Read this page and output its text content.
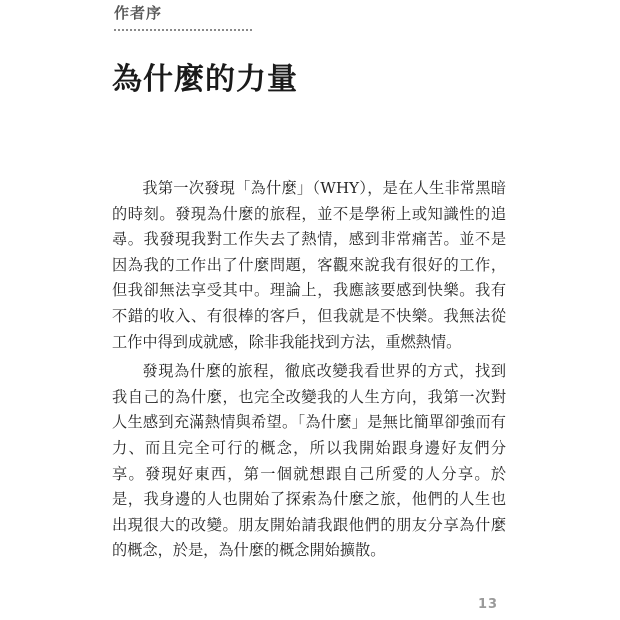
作者序
為什麼的力量

我第一次發現「為什麼」（WHY），是在人生非常黑暗的時刻。發現為什麼的旅程，並不是學術上或知識性的追尋。我發現我對工作失去了熱情，感到非常痛苦。並不是因為我的工作出了什麼問題，客觀來說我有很好的工作，但我卻無法享受其中。理論上，我應該要感到快樂。我有不錯的收入、有很棒的客戶，但我就是不快樂。我無法從工作中得到成就感，除非我能找到方法，重燃熱情。

發現為什麼的旅程，徹底改變我看世界的方式，找到我自己的為什麼，也完全改變我的人生方向，我第一次對人生感到充滿熱情與希望。「為什麼」是無比簡單卻強而有力、而且完全可行的概念，所以我開始跟身邊好友們分享。發現好東西，第一個就想跟自己所愛的人分享。於是，我身邊的人也開始了探索為什麼之旅，他們的人生也出現很大的改變。朋友開始請我跟他們的朋友分享為什麼的概念，於是，為什麼的概念開始擴散。

13
